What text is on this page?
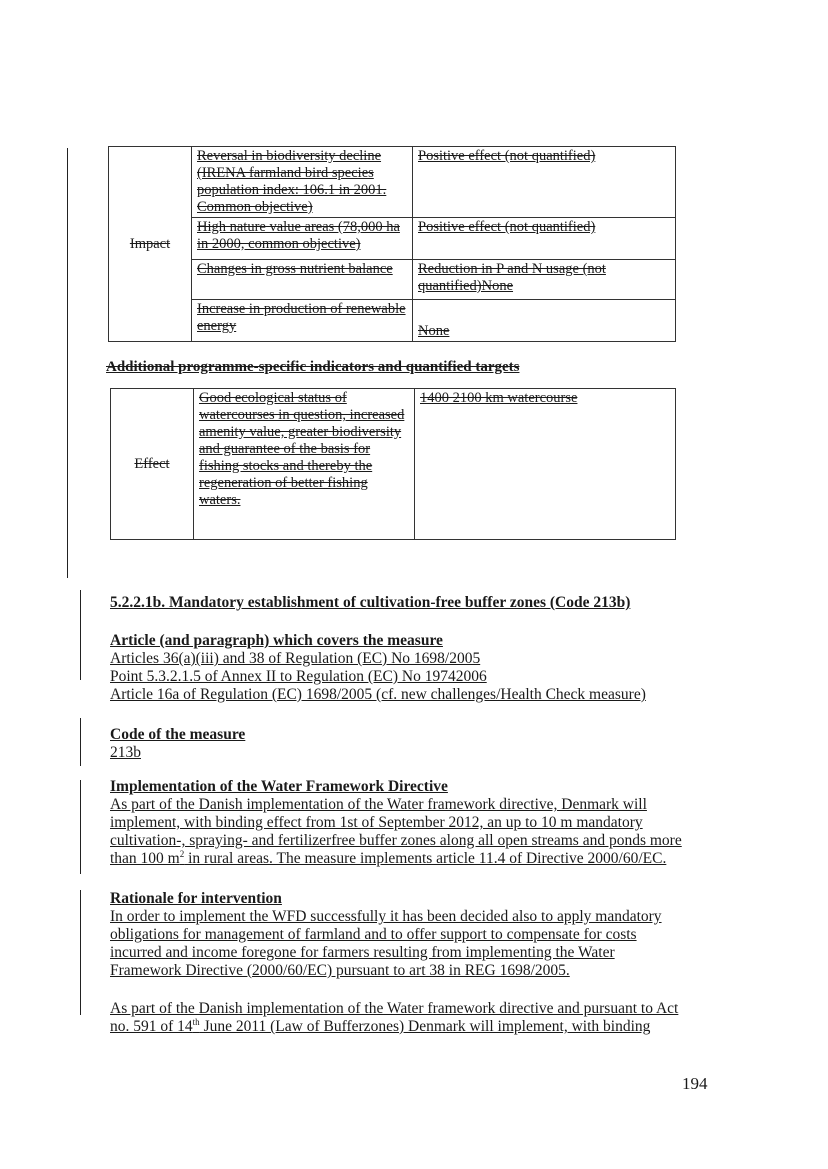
Impact	Reversal in biodiversity decline (IRENA farmland bird species population index: 106.1 in 2001. Common objective)	Positive effect (not quantified)
	High nature value areas (78,000 ha in 2000, common objective)	Positive effect (not quantified)
	Changes in gross nutrient balance	Reduction in P and N usage (not quantified)None
	Increase in production of renewable energy	None
Additional programme-specific indicators and quantified targets
Effect	Good ecological status of watercourses in question, increased amenity value, greater biodiversity and guarantee of the basis for fishing stocks and thereby the regeneration of better fishing waters.	1400 2100 km watercourse

5.2.2.1b. Mandatory establishment of cultivation-free buffer zones (Code 213b)

Article (and paragraph) which covers the measure

Articles 36(a)(iii) and 38 of Regulation (EC) No 1698/2005

Point 5.3.2.1.5 of Annex II to Regulation (EC) No 19742006

Article 16a of Regulation (EC) 1698/2005 (cf. new challenges/Health Check measure)

Code of the measure

213b

Implementation of the Water Framework Directive

As part of the Danish implementation of the Water framework directive, Denmark will

implement, with binding effect from 1st of September 2012, an up to 10 m mandatory

cultivation-, spraying- and fertilizerfree buffer zones along all open streams and ponds more

than 100 $m^2$ in rural areas. The measure implements article 11.4 of Directive 2000/60/EC.

Rationale for intervention

In order to implement the WFD successfully it has been decided also to apply mandatory

obligations for management of farmland and to offer support to compensate for costs

incurred and income foregone for farmers resulting from implementing the Water

Framework Directive (2000/60/EC) pursuant to art 38 in REG 1698/2005.

As part of the Danish implementation of the Water framework directive and pursuant to Act

no. 591 of 14th June 2011 (Law of Bufferzones) Denmark will implement, with binding

194
